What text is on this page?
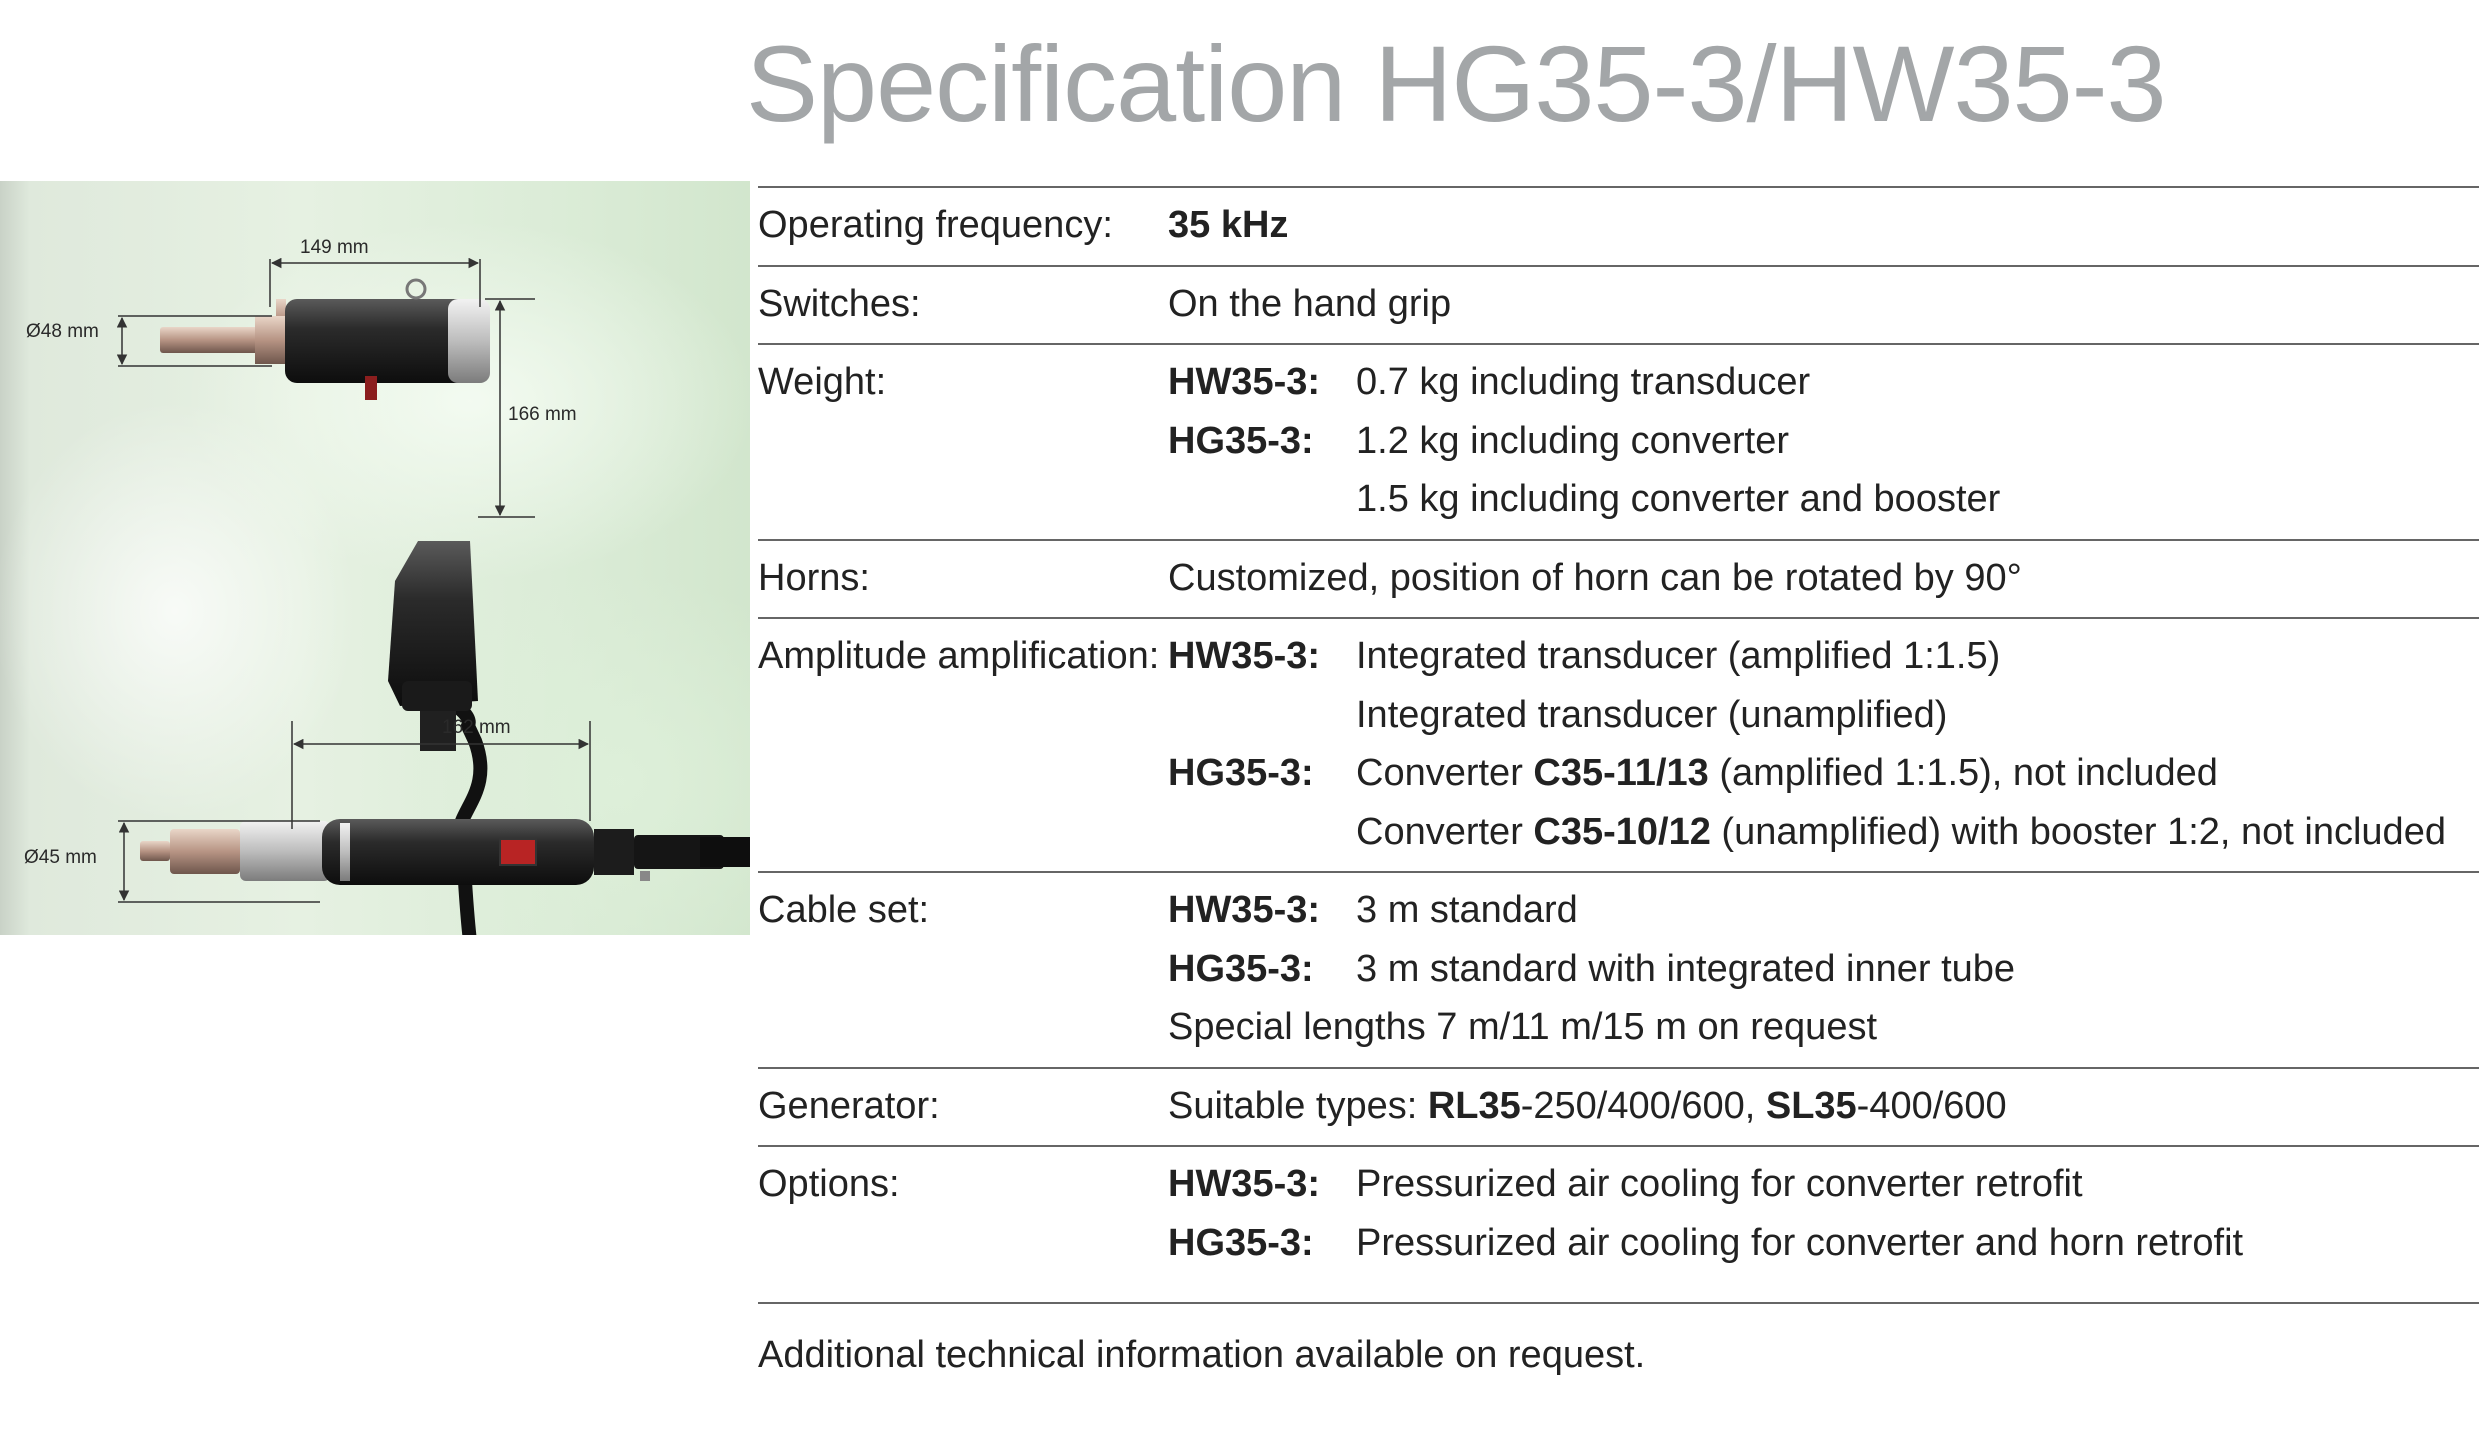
Specification HG35-3/HW35-3
149 mm
Ø48 mm
166 mm
162 mm
Ø45 mm
Operating frequency:	35 kHz
Switches:	On the hand grip
Weight:	HW35-3: 0.7 kg including transducer
HG35-3:	1.2 kg including converter
1.5 kg including converter and booster
Horns:	Customized, position of horn can be rotated by 90°
Amplitude amplification: HW35-3: Integrated transducer (amplified 1:1.5)
Integrated transducer (unamplified)
HG35-3:	Converter C35-11/13 (amplified 1:1.5), not included
Converter C35-10/12 (unamplified) with booster 1:2, not included
Cable set:	HW35-3: 3 m standard
HG35-3:	3 m standard with integrated inner tube
Special lengths 7 m/11 m/15 m on request
Generator:	Suitable types: RL35-250/400/600, SL35-400/600
Options:	HW35-3: Pressurized air cooling for converter retrofit
HG35-3:	Pressurized air cooling for converter and horn retrofit
Additional technical information available on request.
